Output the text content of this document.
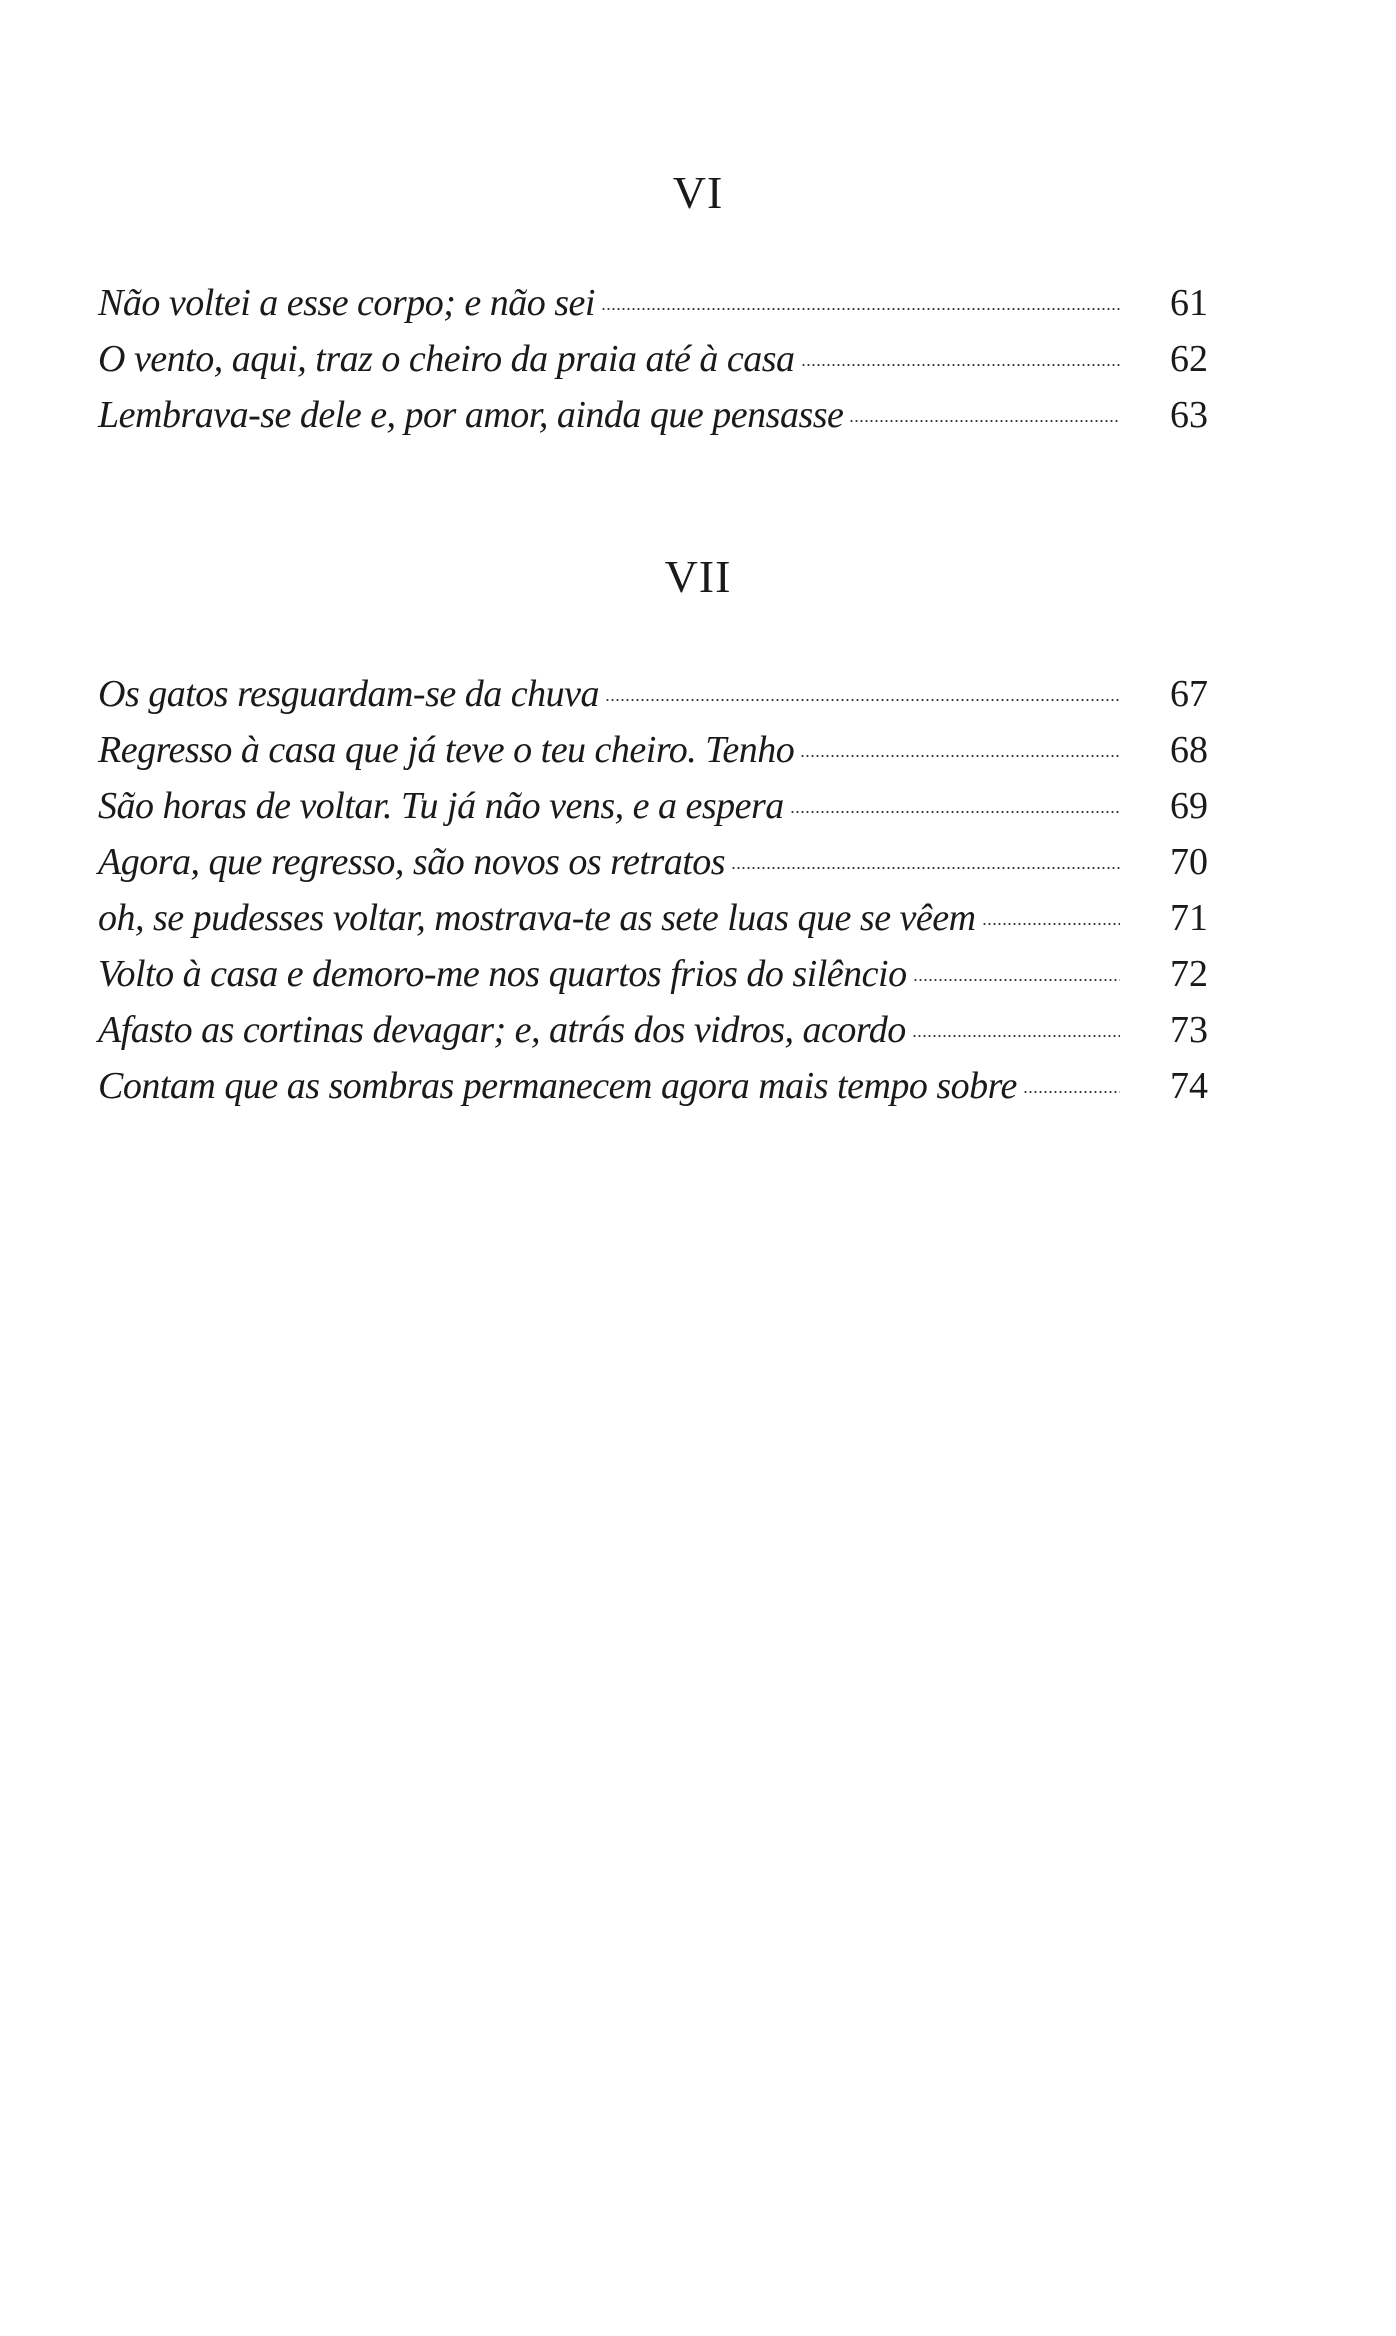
VI
Não voltei a esse corpo; e não sei	61
O vento, aqui, traz o cheiro da praia até à casa	62
Lembrava-se dele e, por amor, ainda que pensasse	63
VII
Os gatos resguardam-se da chuva	67
Regresso à casa que já teve o teu cheiro. Tenho	68
São horas de voltar. Tu já não vens, e a espera	69
Agora, que regresso, são novos os retratos	70
oh, se pudesses voltar, mostrava-te as sete luas que se vêem	71
Volto à casa e demoro-me nos quartos frios do silêncio	72
Afasto as cortinas devagar; e, atrás dos vidros, acordo	73
Contam que as sombras permanecem agora mais tempo sobre	74
